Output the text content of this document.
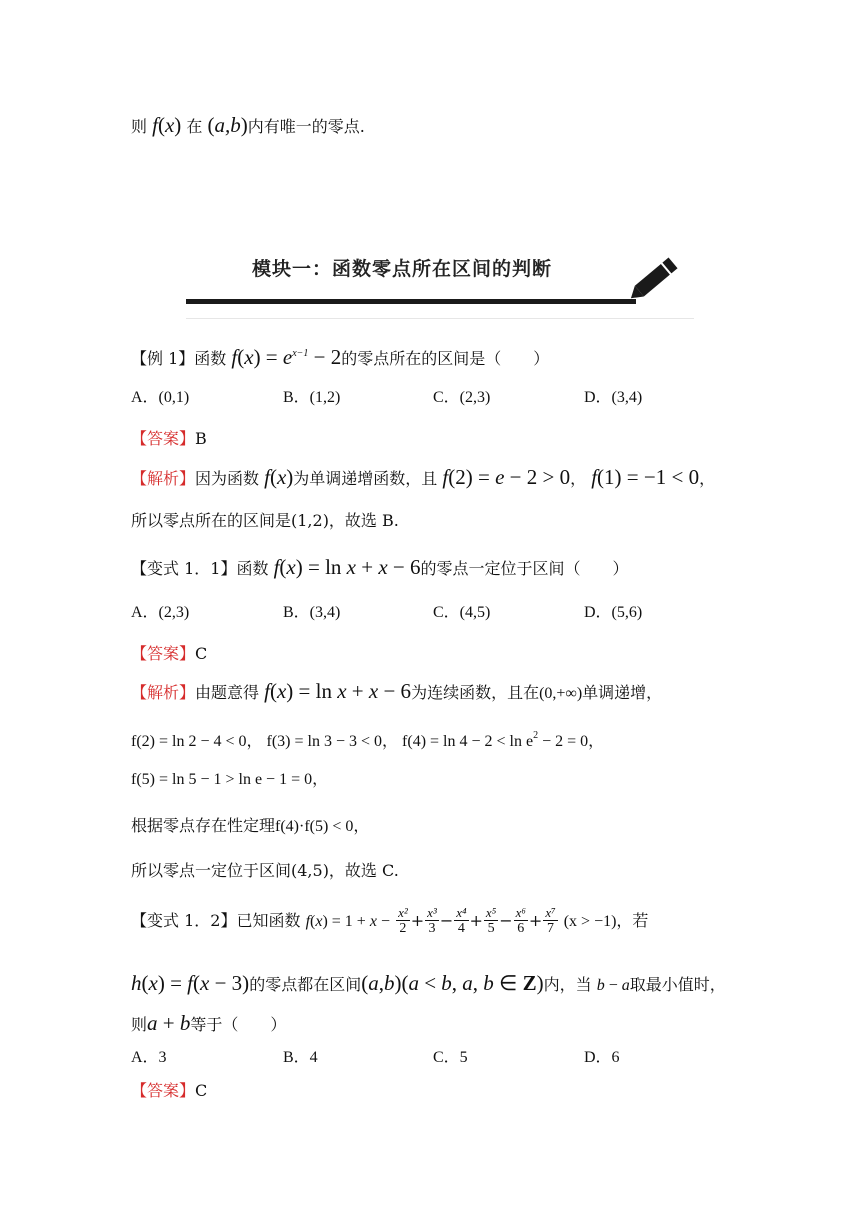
则 f(x) 在 (a,b)内有唯一的零点.
模块一：函数零点所在区间的判断
【例 1】函数 $f(x) = e^{x-1} - 2$的零点所在的区间是（　　）
A．(0,1)	B．(1,2)	C．(2,3)	D．(3,4)
【答案】B
【解析】因为函数 f(x)为单调递增函数，且 f(2) = e − 2 > 0， f(1) = −1 < 0，
所以零点所在的区间是(1,2)，故选 B.
【变式 1．1】函数 f(x) = ln x + x − 6的零点一定位于区间（　　）
A．(2,3)	B．(3,4)	C．(4,5)	D．(5,6)
【答案】C
【解析】由题意得 f(x) = ln x + x − 6为连续函数，且在(0,+∞)单调递增，
f(2) = ln 2 − 4 < 0， f(3) = ln 3 − 3 < 0， $f(4) = \ln 4 - 2 < \ln e^2 - 2 = 0$，
f(5) = ln 5 − 1 > ln e − 1 = 0，
根据零点存在性定理f(4)·f(5) < 0，
所以零点一定位于区间(4,5)，故选 C.
【变式 1．2】已知函数 $f(x) = 1 + x - \frac{\text{x²}}{2} + \frac{\text{x³}}{3} - \frac{\text{x⁴}}{4} + \frac{\text{x⁵}}{5} - \frac{\text{x⁶}}{6} + \frac{\text{x⁷}}{7} (x > -1)$，若
h(x) = f(x − 3)的零点都在区间(a,b)(a < b, a, b ∈ Z)内，当 b − a取最小值时，
则a + b等于（　　）
A．3	B．4	C．5	D．6
【答案】C
